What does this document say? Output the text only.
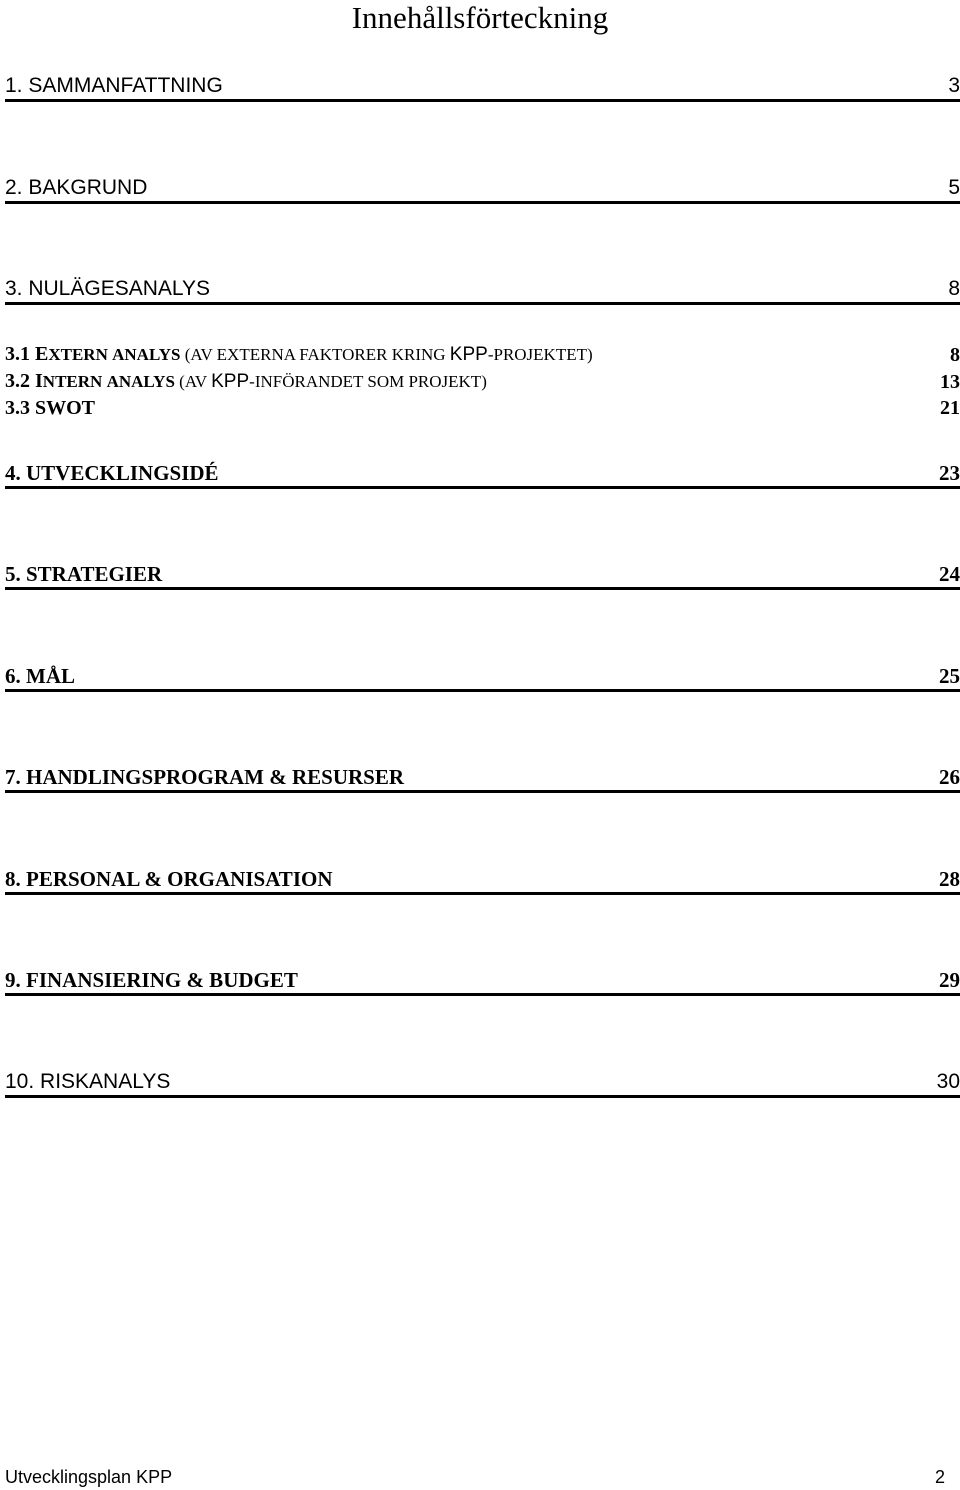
Innehållsförteckning
1. SAMMANFATTNING	3
2. BAKGRUND	5
3. NULÄGESANALYS	8
3.1 EXTERN ANALYS (AV EXTERNA FAKTORER KRING KPP-PROJEKTET)	8
3.2 INTERN ANALYS (AV KPP-INFÖRANDET SOM PROJEKT)	13
3.3 SWOT	21
4. UTVECKLINGSIDÉ	23
5. STRATEGIER	24
6. MÅL	25
7. HANDLINGSPROGRAM & RESURSER	26
8. PERSONAL & ORGANISATION	28
9. FINANSIERING & BUDGET	29
10. RISKANALYS	30
Utvecklingsplan KPP	2
